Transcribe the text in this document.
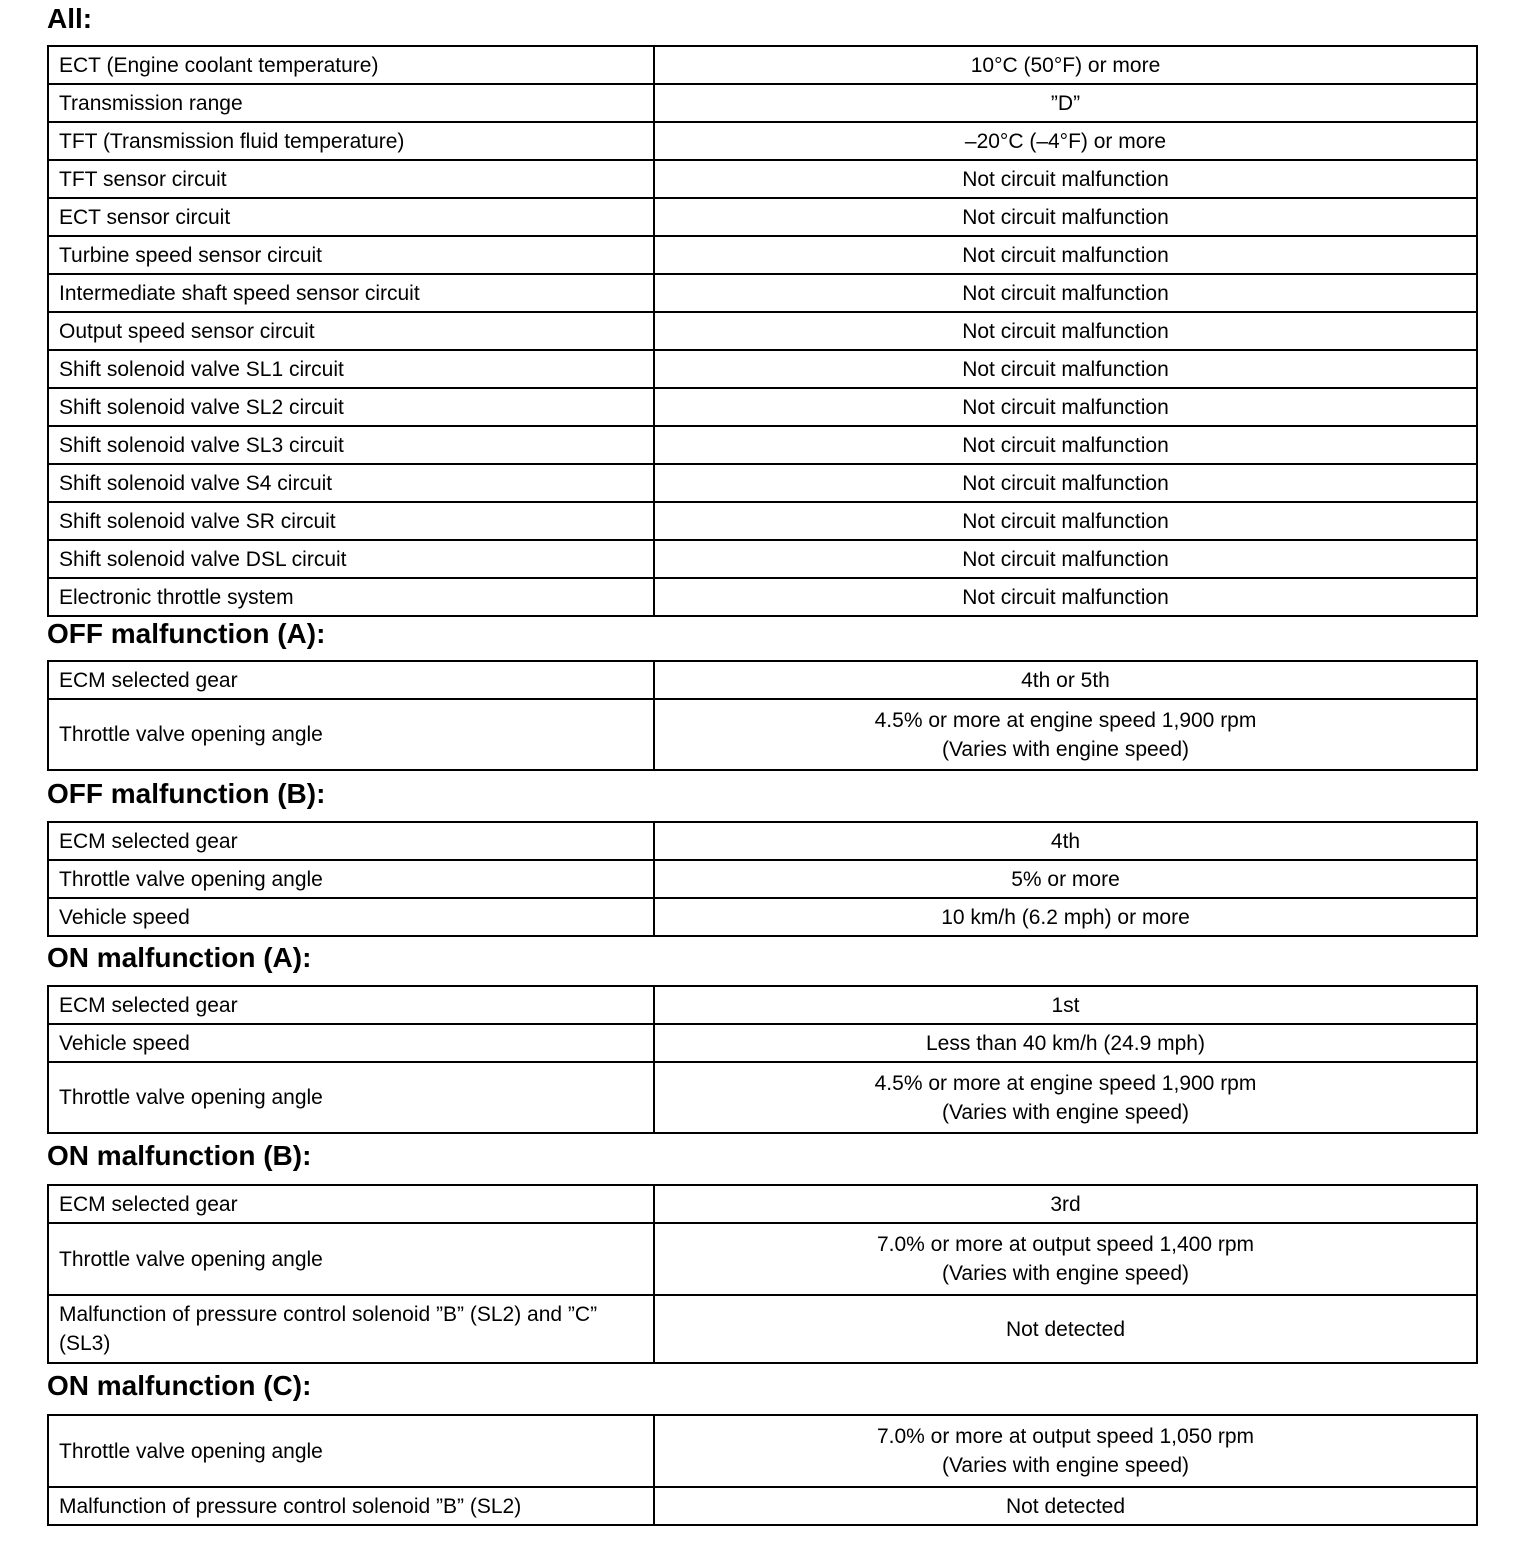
All:
ECT (Engine coolant temperature)	10°C (50°F) or more
Transmission range	”D”
TFT (Transmission fluid temperature)	–20°C (–4°F) or more
TFT sensor circuit	Not circuit malfunction
ECT sensor circuit	Not circuit malfunction
Turbine speed sensor circuit	Not circuit malfunction
Intermediate shaft speed sensor circuit	Not circuit malfunction
Output speed sensor circuit	Not circuit malfunction
Shift solenoid valve SL1 circuit	Not circuit malfunction
Shift solenoid valve SL2 circuit	Not circuit malfunction
Shift solenoid valve SL3 circuit	Not circuit malfunction
Shift solenoid valve S4 circuit	Not circuit malfunction
Shift solenoid valve SR circuit	Not circuit malfunction
Shift solenoid valve DSL circuit	Not circuit malfunction
Electronic throttle system	Not circuit malfunction
OFF malfunction (A):
ECM selected gear	4th or 5th
Throttle valve opening angle	4.5% or more at engine speed 1,900 rpm
(Varies with engine speed)
OFF malfunction (B):
ECM selected gear	4th
Throttle valve opening angle	5% or more
Vehicle speed	10 km/h (6.2 mph) or more
ON malfunction (A):
ECM selected gear	1st
Vehicle speed	Less than 40 km/h (24.9 mph)
Throttle valve opening angle	4.5% or more at engine speed 1,900 rpm
(Varies with engine speed)
ON malfunction (B):
ECM selected gear	3rd
Throttle valve opening angle	7.0% or more at output speed 1,400 rpm
(Varies with engine speed)

Malfunction of pressure control solenoid ”B” (SL2) and ”C” (SL3)	Not detected
ON malfunction (C):
Throttle valve opening angle	7.0% or more at output speed 1,050 rpm
(Varies with engine speed)

Malfunction of pressure control solenoid ”B” (SL2)	Not detected
